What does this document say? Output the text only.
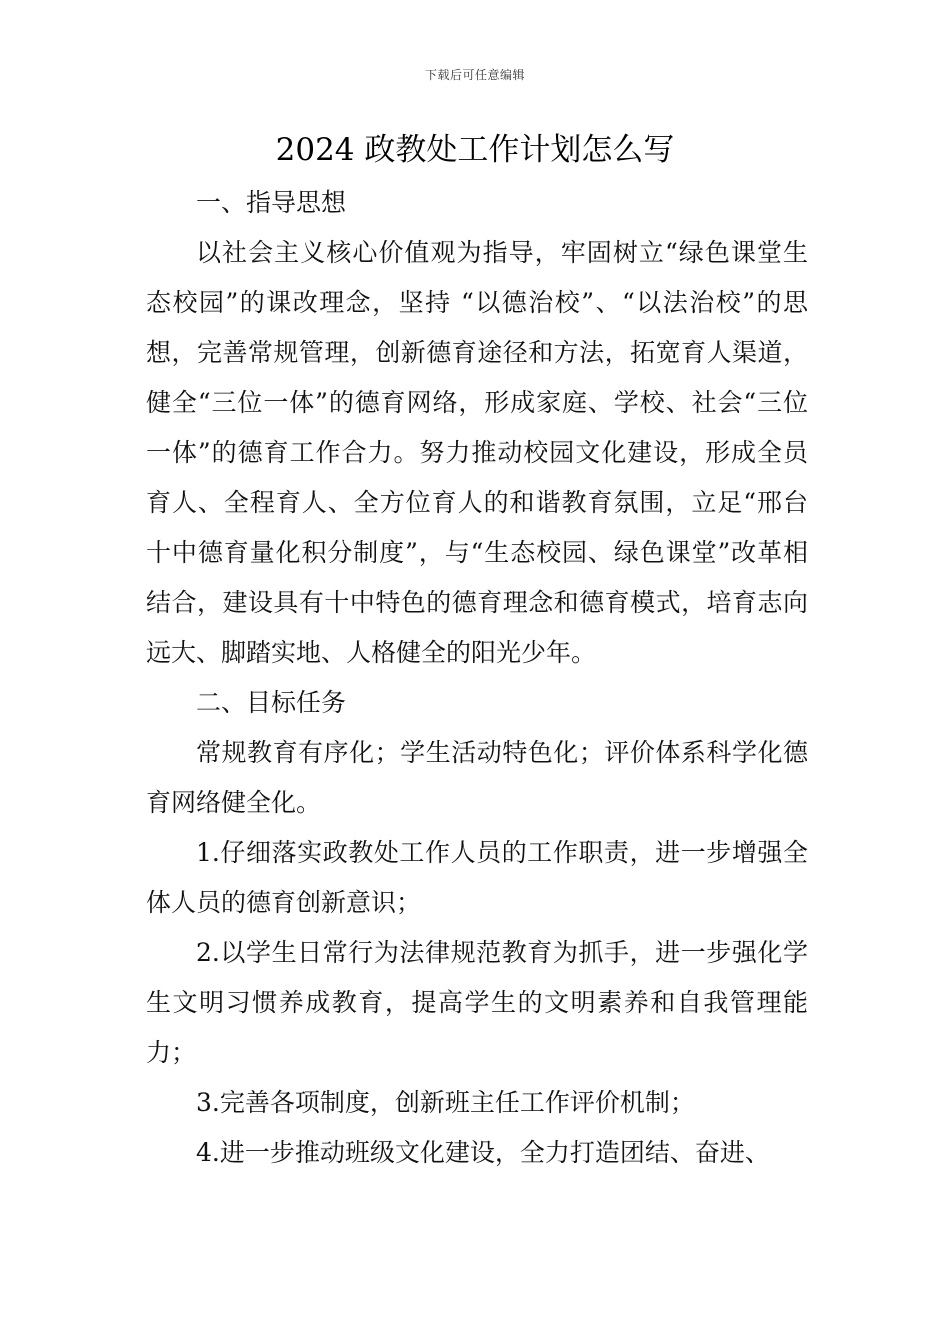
下载后可任意编辑
2024 政教处工作计划怎么写

一、指导思想

以社会主义核心价值观为指导，牢固树立“绿色课堂生态校园”的课改理念，坚持 “以德治校”、“以法治校”的思想，完善常规管理，创新德育途径和方法，拓宽育人渠道，健全“三位一体”的德育网络，形成家庭、学校、社会“三位一体”的德育工作合力。努力推动校园文化建设，形成全员育人、全程育人、全方位育人的和谐教育氛围，立足“邢台十中德育量化积分制度”，与“生态校园、绿色课堂”改革相结合，建设具有十中特色的德育理念和德育模式，培育志向远大、脚踏实地、人格健全的阳光少年。

二、目标任务

常规教育有序化；学生活动特色化；评价体系科学化德育网络健全化。

1.仔细落实政教处工作人员的工作职责，进一步增强全体人员的德育创新意识；

2.以学生日常行为法律规范教育为抓手，进一步强化学生文明习惯养成教育，提高学生的文明素养和自我管理能力；

3.完善各项制度，创新班主任工作评价机制；

4.进一步推动班级文化建设，全力打造团结、奋进、
